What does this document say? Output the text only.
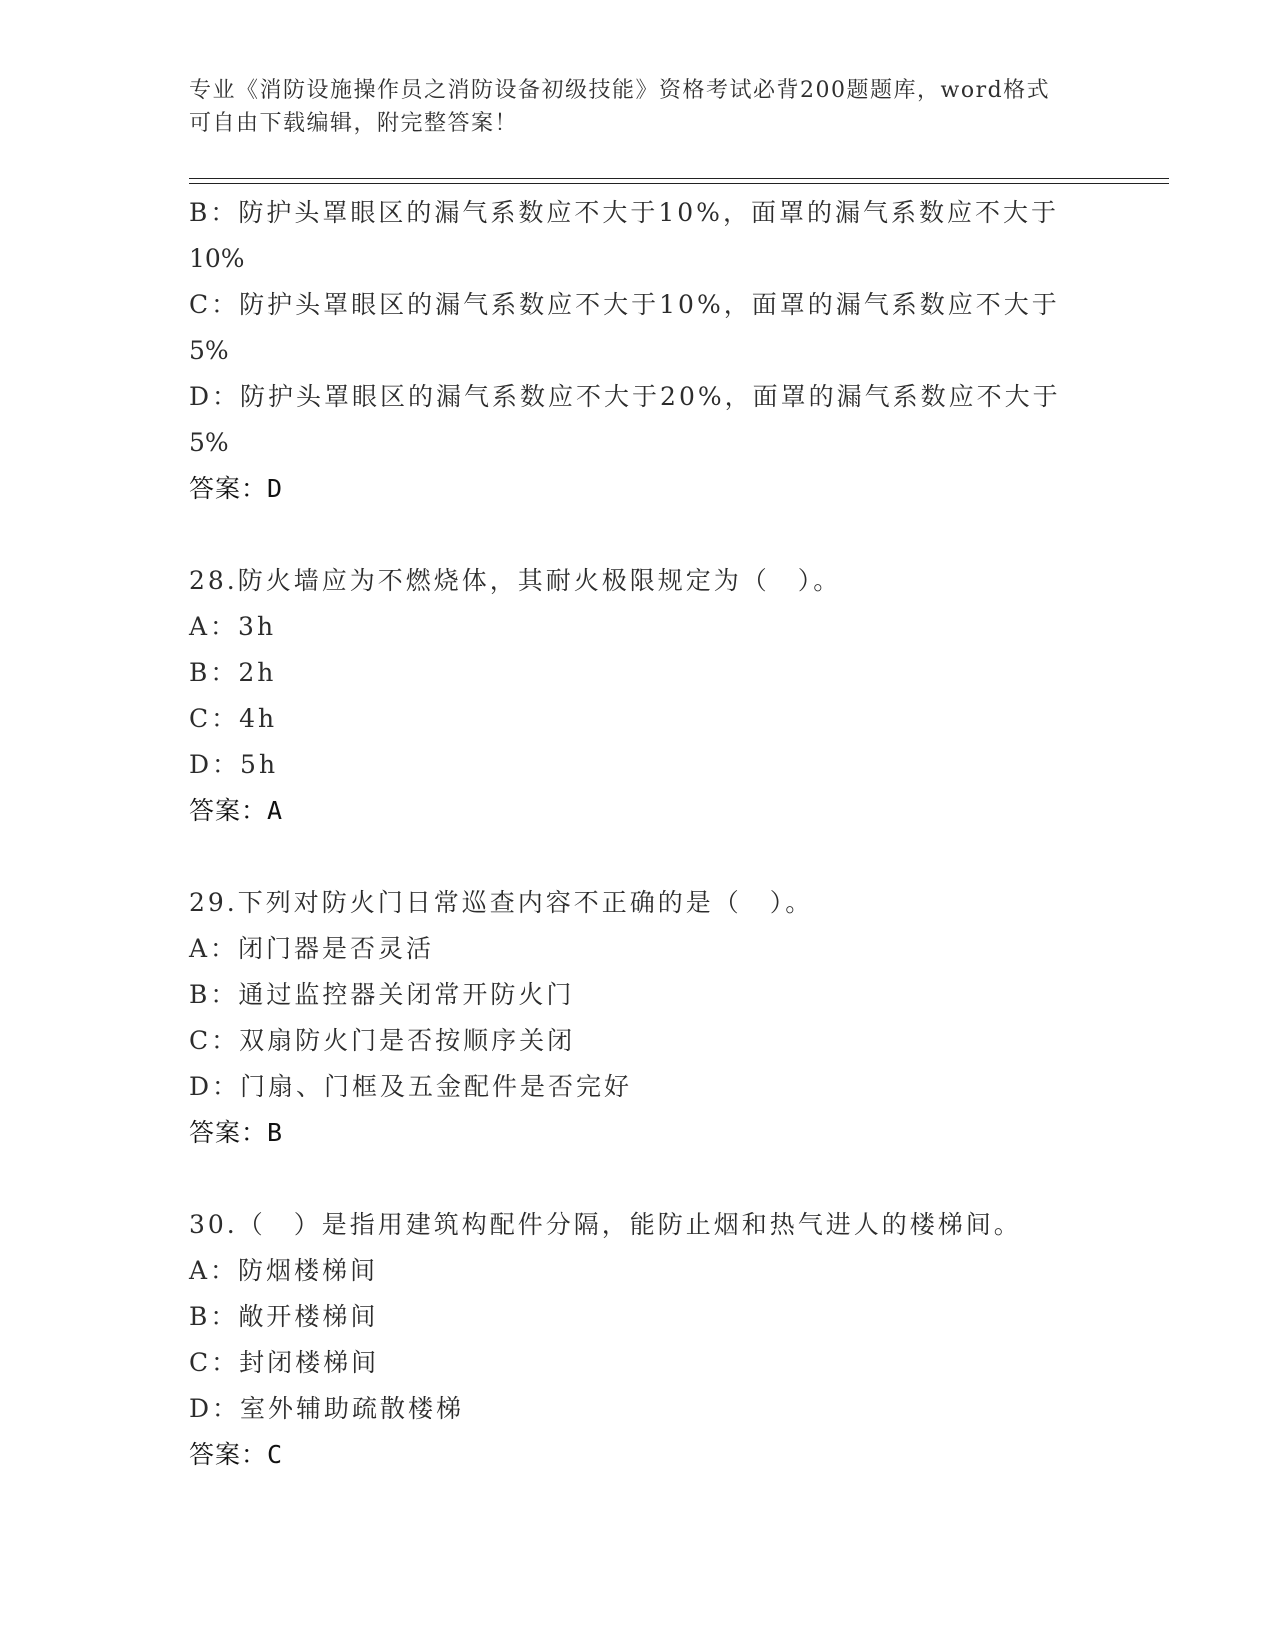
专业《消防设施操作员之消防设备初级技能》资格考试必背200题题库，word格式可自由下载编辑，附完整答案！
B：防护头罩眼区的漏气系数应不大于10%，面罩的漏气系数应不大于
10%
C：防护头罩眼区的漏气系数应不大于10%，面罩的漏气系数应不大于
5%
D：防护头罩眼区的漏气系数应不大于20%，面罩的漏气系数应不大于
5%
答案：D
28.防火墙应为不燃烧体，其耐火极限规定为（　）。
A：3h
B：2h
C：4h
D：5h
答案：A
29.下列对防火门日常巡查内容不正确的是（　）。
A：闭门器是否灵活
B：通过监控器关闭常开防火门
C：双扇防火门是否按顺序关闭
D：门扇、门框及五金配件是否完好
答案：B
30.（　）是指用建筑构配件分隔，能防止烟和热气进人的楼梯间。
A：防烟楼梯间
B：敞开楼梯间
C：封闭楼梯间
D：室外辅助疏散楼梯
答案：C
